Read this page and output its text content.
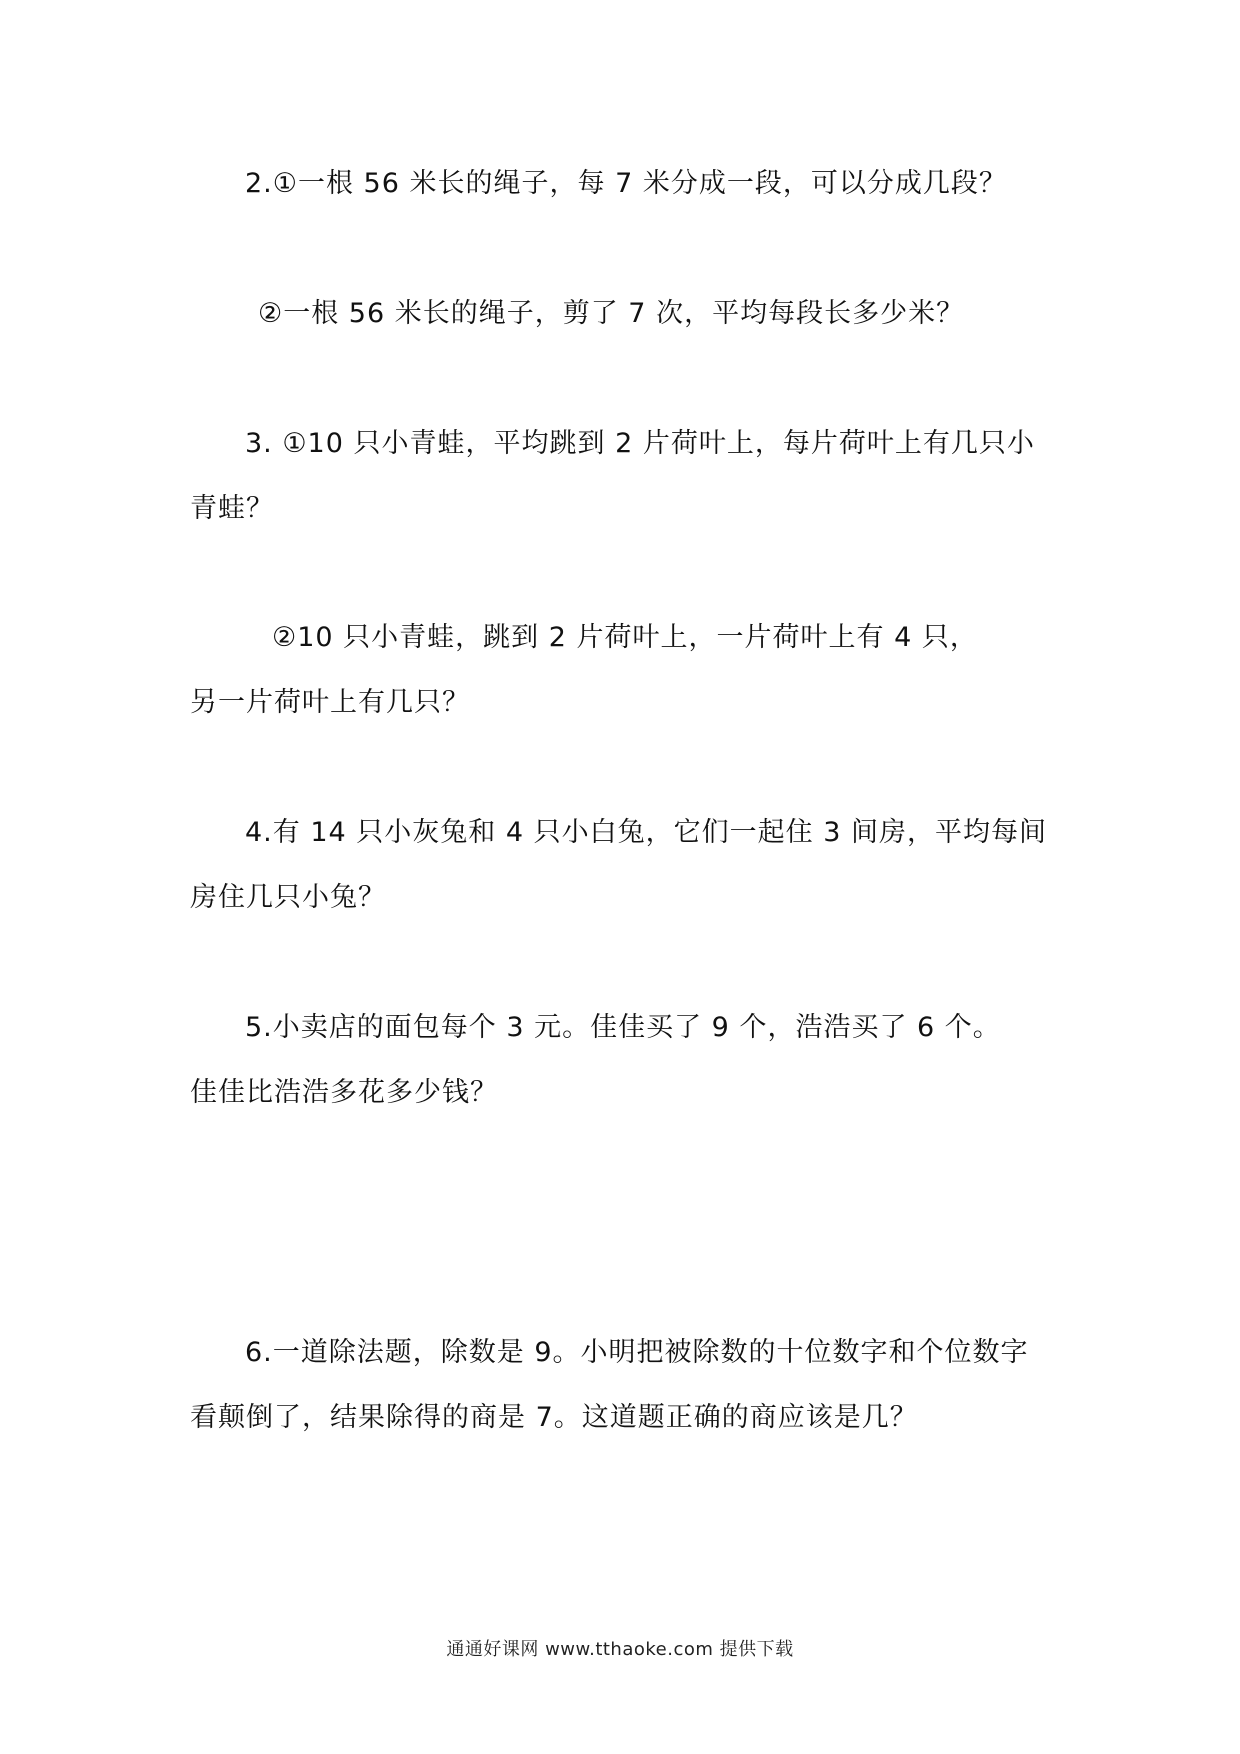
2.①一根 56 米长的绳子，每 7 米分成一段，可以分成几段？
②一根 56 米长的绳子，剪了 7 次，平均每段长多少米？
3. ①10 只小青蛙，平均跳到 2 片荷叶上，每片荷叶上有几只小
青蛙？
②10 只小青蛙，跳到 2 片荷叶上，一片荷叶上有 4 只，
另一片荷叶上有几只？
4.有 14 只小灰兔和 4 只小白兔，它们一起住 3 间房，平均每间
房住几只小兔？
5.小卖店的面包每个 3 元。佳佳买了 9 个，浩浩买了 6 个。
佳佳比浩浩多花多少钱？
6.一道除法题，除数是 9。小明把被除数的十位数字和个位数字
看颠倒了，结果除得的商是 7。这道题正确的商应该是几？
通通好课网 www.tthaoke.com 提供下载
